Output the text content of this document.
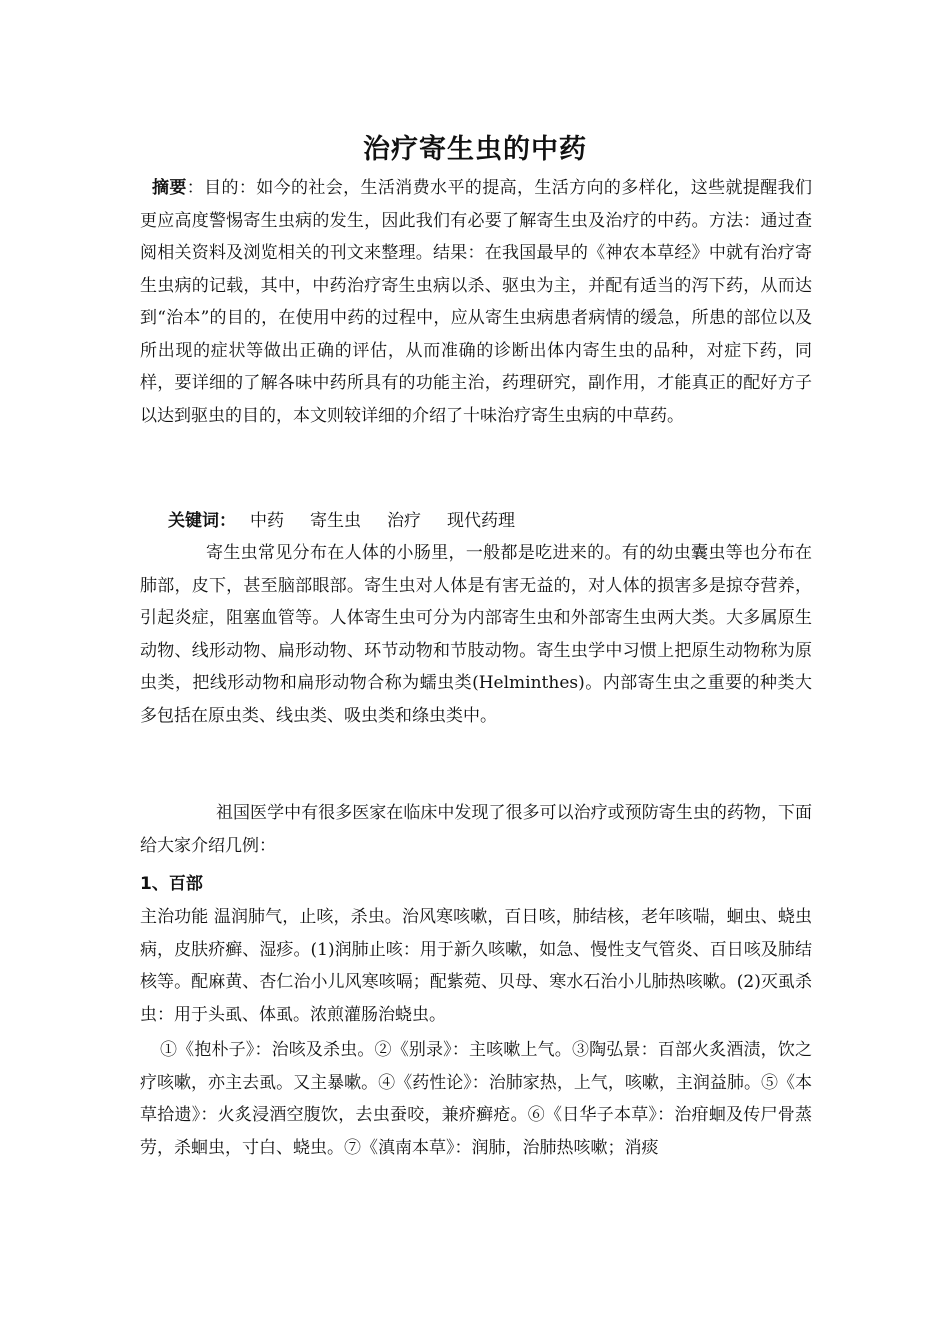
治疗寄生虫的中药
摘要：目的：如今的社会，生活消费水平的提高，生活方向的多样化，这些就提醒我们更应高度警惕寄生虫病的发生，因此我们有必要了解寄生虫及治疗的中药。方法：通过查阅相关资料及浏览相关的刊文来整理。结果：在我国最早的《神农本草经》中就有治疗寄生虫病的记载，其中，中药治疗寄生虫病以杀、驱虫为主，并配有适当的泻下药，从而达到“治本”的目的，在使用中药的过程中，应从寄生虫病患者病情的缓急，所患的部位以及所出现的症状等做出正确的评估，从而准确的诊断出体内寄生虫的品种，对症下药，同样，要详细的了解各味中药所具有的功能主治，药理研究，副作用，才能真正的配好方子以达到驱虫的目的，本文则较详细的介绍了十味治疗寄生虫病的中草药。
关键词： 中药 寄生虫 治疗 现代药理
寄生虫常见分布在人体的小肠里，一般都是吃进来的。有的幼虫囊虫等也分布在肺部，皮下，甚至脑部眼部。寄生虫对人体是有害无益的，对人体的损害多是掠夺营养，引起炎症，阻塞血管等。人体寄生虫可分为内部寄生虫和外部寄生虫两大类。大多属原生动物、线形动物、扁形动物、环节动物和节肢动物。寄生虫学中习惯上把原生动物称为原虫类，把线形动物和扁形动物合称为蠕虫类(Helminthes)。内部寄生虫之重要的种类大多包括在原虫类、线虫类、吸虫类和绦虫类中。
祖国医学中有很多医家在临床中发现了很多可以治疗或预防寄生虫的药物，下面给大家介绍几例：
1、百部
主治功能 温润肺气，止咳，杀虫。治风寒咳嗽，百日咳，肺结核，老年咳喘，蛔虫、蛲虫病，皮肤疥癣、湿疹。(1)润肺止咳：用于新久咳嗽，如急、慢性支气管炎、百日咳及肺结核等。配麻黄、杏仁治小儿风寒咳嗝；配紫菀、贝母、寒水石治小儿肺热咳嗽。(2)灭虱杀虫：用于头虱、体虱。浓煎灌肠治蛲虫。
①《抱朴子》：治咳及杀虫。②《别录》：主咳嗽上气。③陶弘景：百部火炙酒渍，饮之疗咳嗽，亦主去虱。又主暴嗽。④《药性论》：治肺家热，上气，咳嗽，主润益肺。⑤《本草拾遗》：火炙浸酒空腹饮，去虫蚕咬，兼疥癣疮。⑥《日华子本草》：治疳蛔及传尸骨蒸劳，杀蛔虫，寸白、蛲虫。⑦《滇南本草》：润肺，治肺热咳嗽；消痰
